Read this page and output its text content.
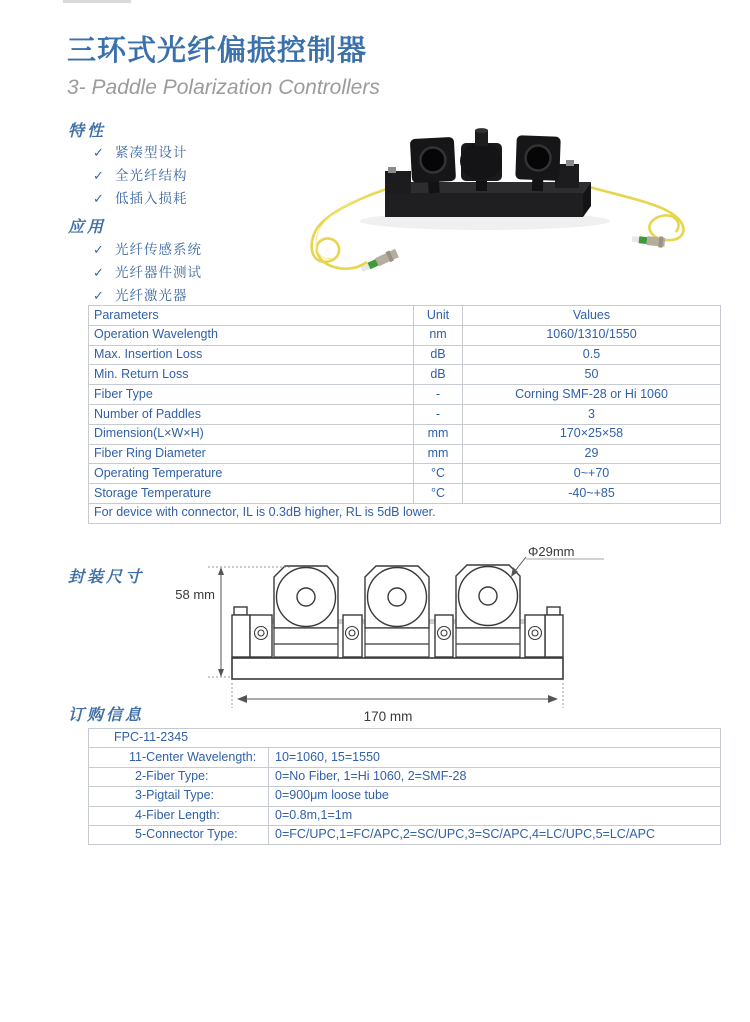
三环式光纤偏振控制器
3- Paddle Polarization Controllers
特性
✓ 紧凑型设计
✓ 全光纤结构
✓ 低插入损耗
应用
✓ 光纤传感系统
✓ 光纤器件测试
✓ 光纤激光器
Parameters	Unit	Values
Operation Wavelength	nm	1060/1310/1550
Max. Insertion Loss	dB	0.5
Min. Return Loss	dB	50
Fiber Type	-	Corning SMF-28 or Hi 1060
Number of Paddles	-	3
Dimension(L×W×H)	mm	170×25×58
Fiber Ring Diameter	mm	29
Operating Temperature	°C	0~+70
Storage Temperature	°C	-40~+85
For device with connector, IL is 0.3dB higher, RL is 5dB lower.		
封装尺寸
58 mm
Φ29mm
170 mm
订购信息
FPC-11-2345	
11-Center Wavelength:	10=1060, 15=1550
2-Fiber Type:	0=No Fiber, 1=Hi 1060, 2=SMF-28
3-Pigtail Type:	0=900μm loose tube
4-Fiber Length:	0=0.8m,1=1m
5-Connector Type:	0=FC/UPC,1=FC/APC,2=SC/UPC,3=SC/APC,4=LC/UPC,5=LC/APC
